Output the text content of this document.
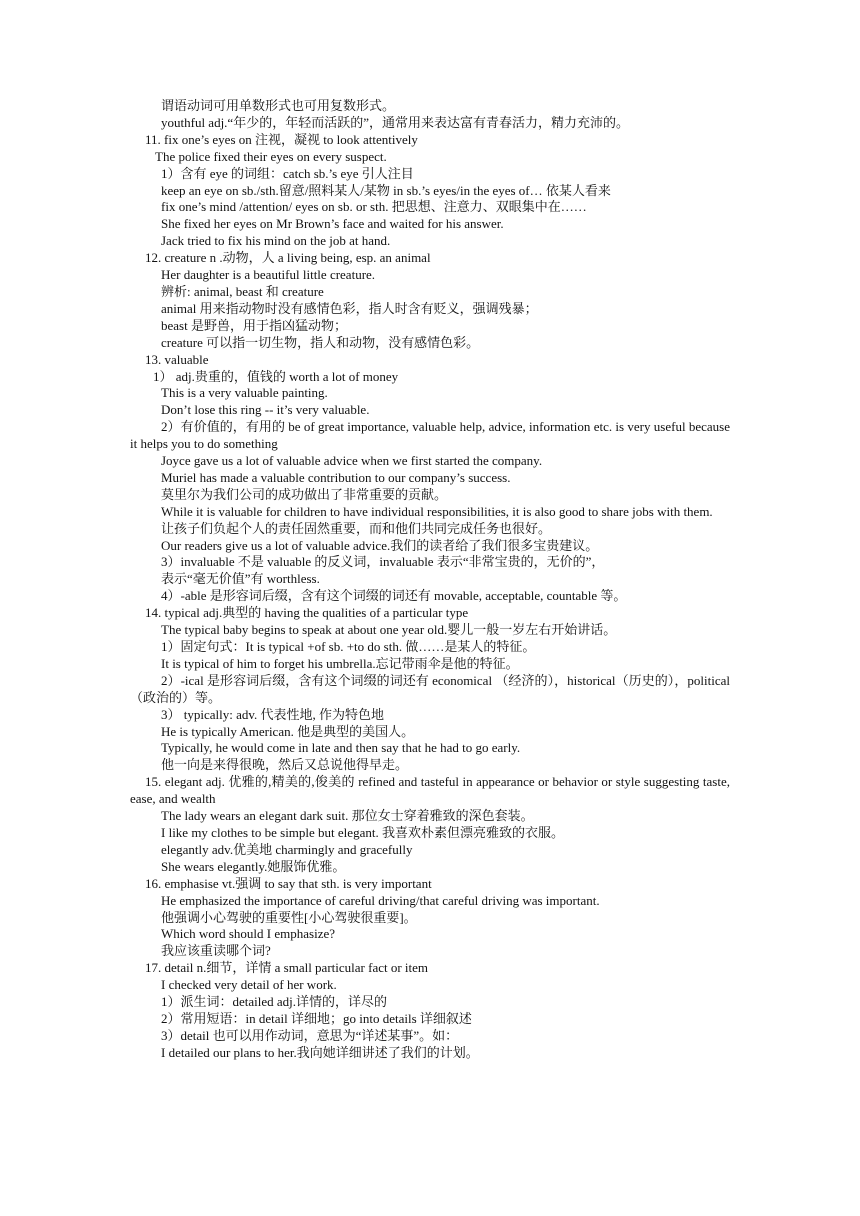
谓语动词可用单数形式也可用复数形式。

youthful adj.“年少的，年轻而活跃的”，通常用来表达富有青春活力，精力充沛的。

11. fix one’s eyes on 注视，凝视 to look attentively

The police fixed their eyes on every suspect.

1）含有 eye 的词组：catch sb.’s eye 引人注目

keep an eye on sb./sth.留意/照料某人/某物 in sb.’s eyes/in the eyes of… 依某人看来

fix one’s mind /attention/ eyes on sb. or sth. 把思想、注意力、双眼集中在……

She fixed her eyes on Mr Brown’s face and waited for his answer.

Jack tried to fix his mind on the job at hand.

12. creature n .动物，人 a living being, esp. an animal

Her daughter is a beautiful little creature.

辨析: animal, beast 和 creature

animal 用来指动物时没有感情色彩，指人时含有贬义，强调残暴；

beast 是野兽，用于指凶猛动物；

creature 可以指一切生物，指人和动物，没有感情色彩。

13. valuable

1） adj.贵重的，值钱的 worth a lot of money

This is a very valuable painting.

Don’t lose this ring -- it’s very valuable.

2）有价值的，有用的 be of great importance, valuable help, advice, information etc. is very useful because it helps you to do something

Joyce gave us a lot of valuable advice when we first started the company.

Muriel has made a valuable contribution to our company’s success.

莫里尔为我们公司的成功做出了非常重要的贡献。

While it is valuable for children to have individual responsibilities, it is also good to share jobs with them.

让孩子们负起个人的责任固然重要，而和他们共同完成任务也很好。

Our readers give us a lot of valuable advice.我们的读者给了我们很多宝贵建议。

3）invaluable 不是 valuable 的反义词，invaluable 表示“非常宝贵的，无价的”，

表示“毫无价值”有 worthless.

4）-able 是形容词后缀，含有这个词缀的词还有 movable, acceptable, countable 等。

14. typical adj.典型的 having the qualities of a particular type

The typical baby begins to speak at about one year old.婴儿一般一岁左右开始讲话。

1）固定句式：It is typical +of sb. +to do sth. 做……是某人的特征。

It is typical of him to forget his umbrella.忘记带雨伞是他的特征。

2）-ical 是形容词后缀，含有这个词缀的词还有 economical （经济的），historical（历史的），political（政治的）等。

3） typically: adv. 代表性地, 作为特色地

He is typically American. 他是典型的美国人。

Typically, he would come in late and then say that he had to go early.

他一向是来得很晚，然后又总说他得早走。

15. elegant adj. 优雅的,精美的,俊美的 refined and tasteful in appearance or behavior or style suggesting taste, ease, and wealth

The lady wears an elegant dark suit. 那位女士穿着雅致的深色套装。

I like my clothes to be simple but elegant. 我喜欢朴素但漂亮雅致的衣服。

elegantly adv.优美地 charmingly and gracefully

She wears elegantly.她服饰优雅。

16. emphasise vt.强调 to say that sth. is very important

He emphasized the importance of careful driving/that careful driving was important.

他强调小心驾驶的重要性[小心驾驶很重要]。

Which word should I emphasize?

我应该重读哪个词?

17. detail n.细节，详情 a small particular fact or item

I checked very detail of her work.

1）派生词：detailed adj.详情的，详尽的

2）常用短语：in detail 详细地；go into details 详细叙述

3）detail 也可以用作动词，意思为“详述某事”。如：

I detailed our plans to her.我向她详细讲述了我们的计划。
